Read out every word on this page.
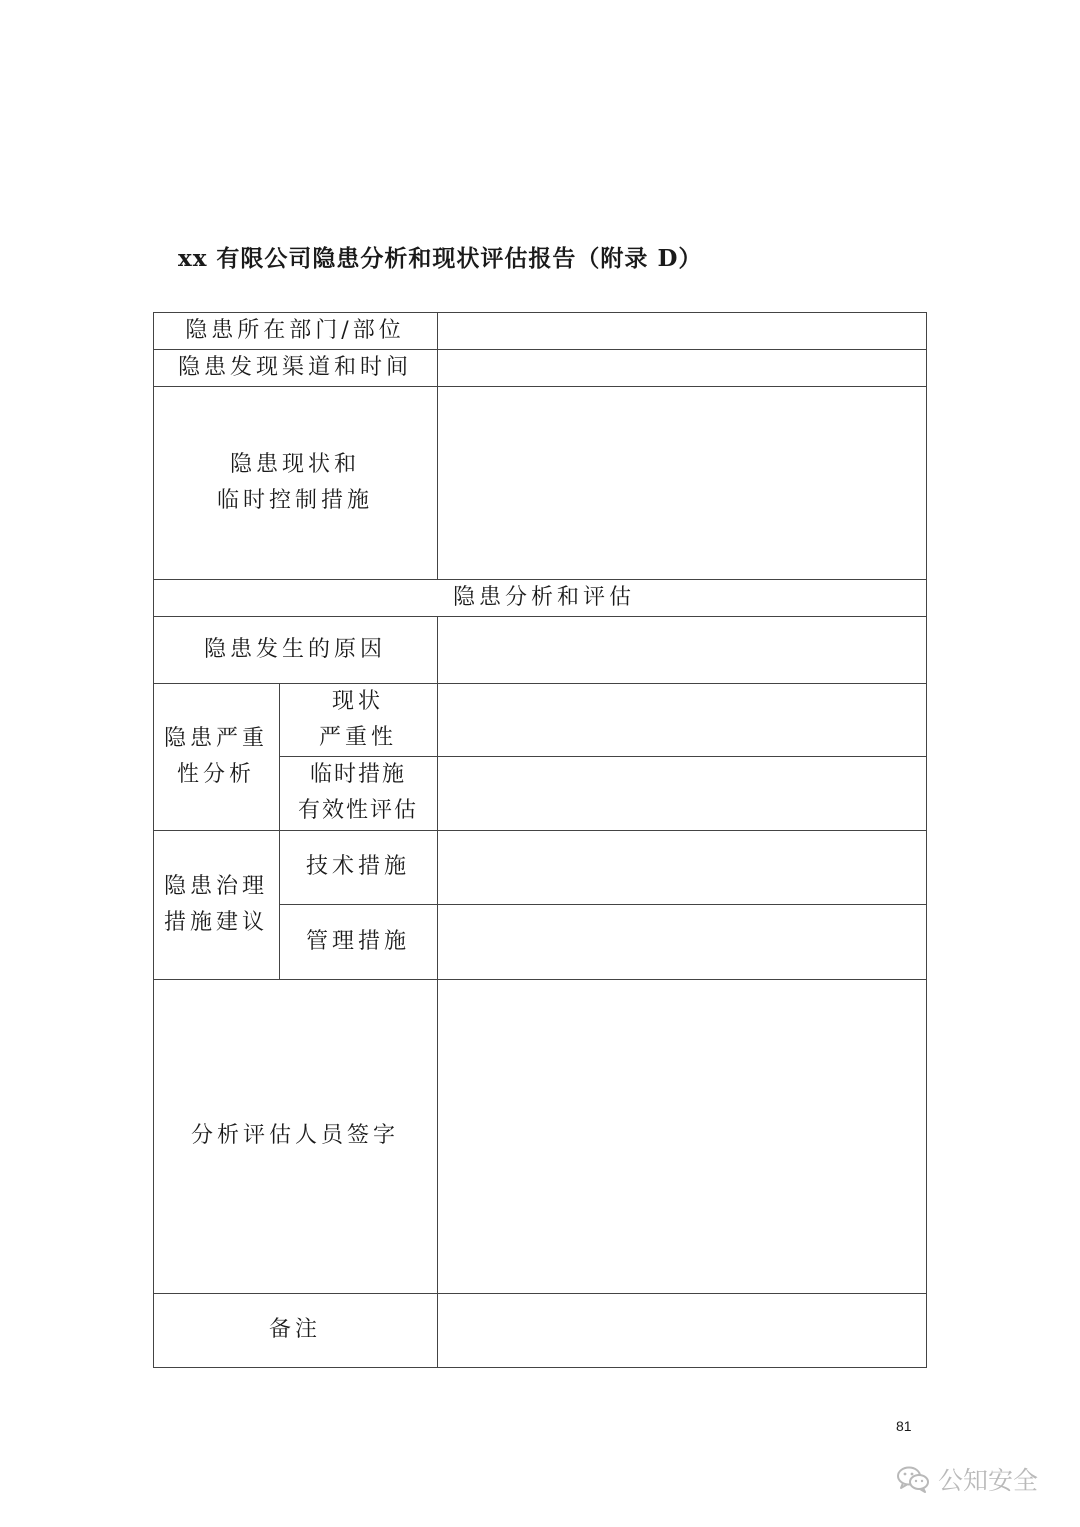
xx 有限公司隐患分析和现状评估报告（附录 D）
隐患所在部门/部位
隐患发现渠道和时间
隐患现状和
临时控制措施
隐患分析和评估
隐患发生的原因
隐患严重
性分析
现状
严重性
临时措施
有效性评估
隐患治理
措施建议
技术措施
管理措施
分析评估人员签字
备注
81
公知安全
